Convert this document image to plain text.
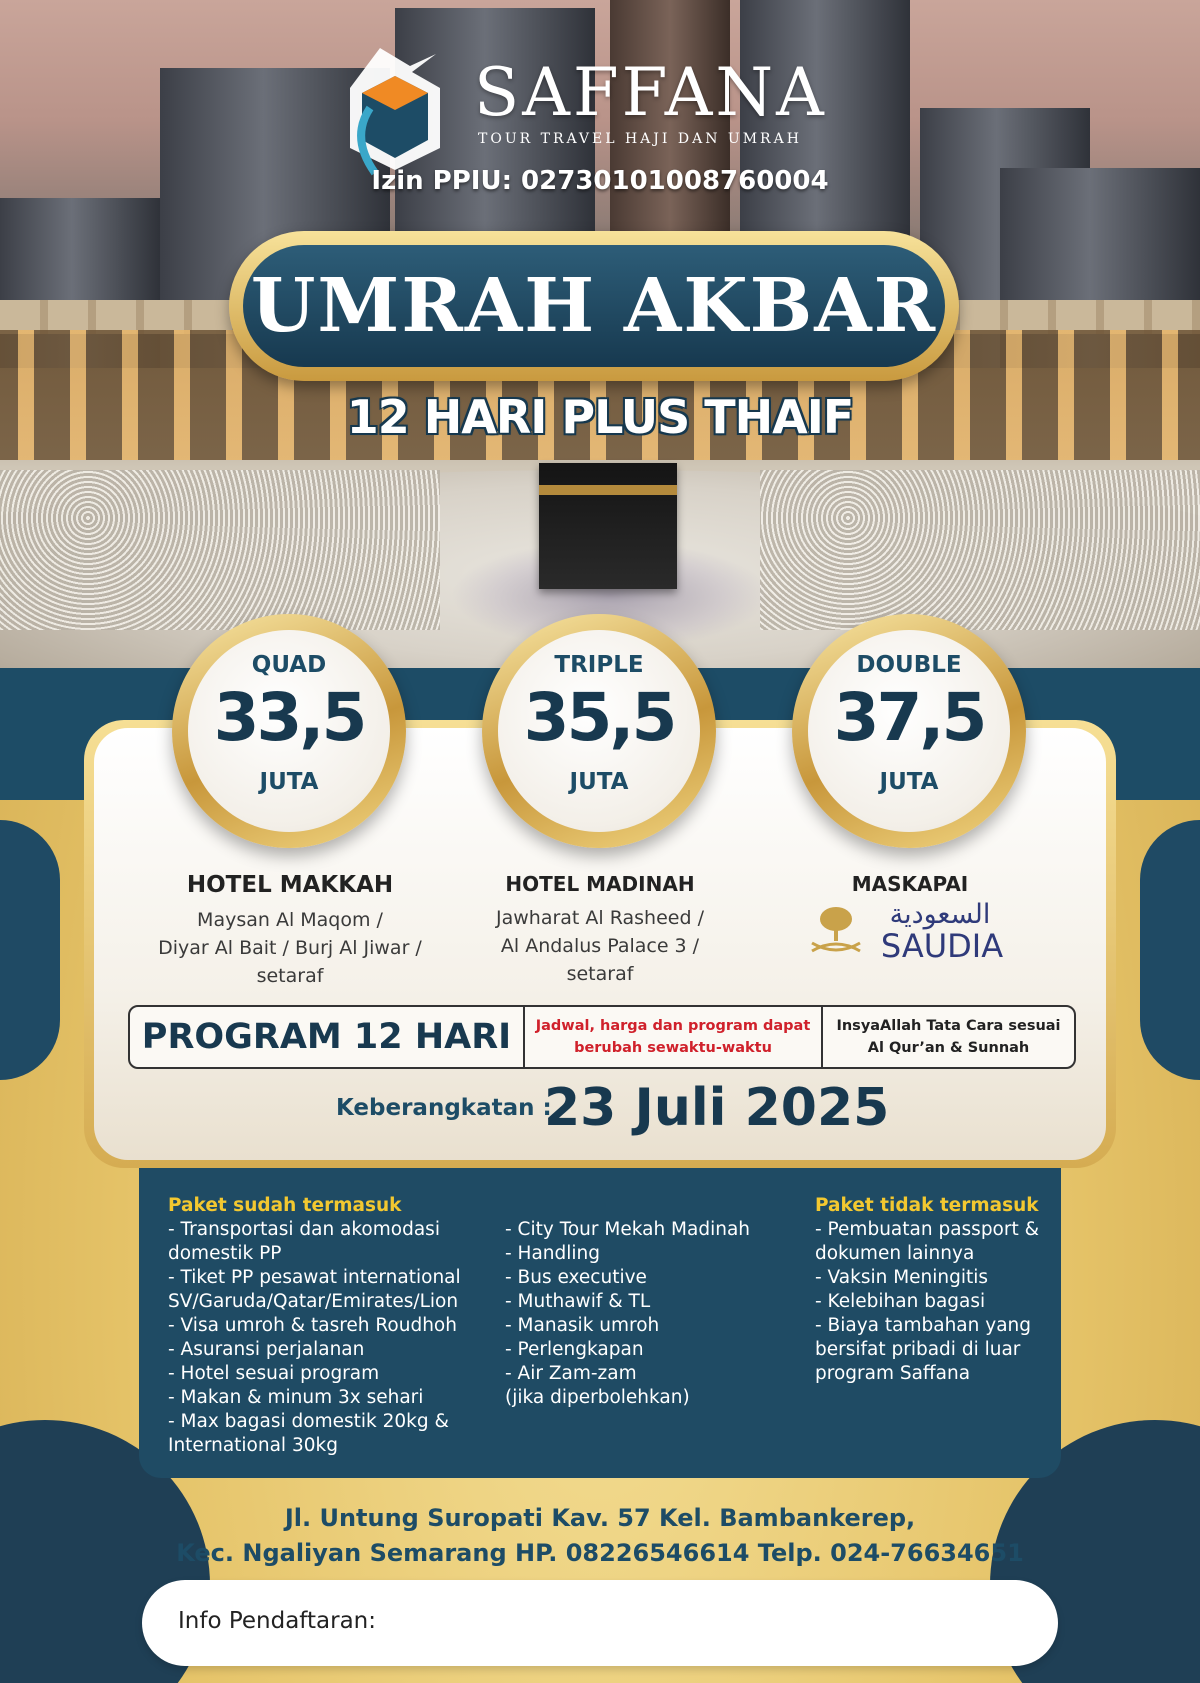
SAFFANA
TOUR TRAVEL HAJI DAN UMRAH
Izin PPIU: 02730101008760004
UMRAH AKBAR
12 HARI PLUS THAIF
QUAD
33,5
JUTA
TRIPLE
35,5
JUTA
DOUBLE
37,5
JUTA
HOTEL MAKKAH
Maysan Al Maqom /
Diyar Al Bait / Burj Al Jiwar /
setaraf
HOTEL MADINAH
Jawharat Al Rasheed /
Al Andalus Palace 3 /
setaraf
MASKAPAI
السعودية
SAUDIA
PROGRAM 12 HARI	Jadwal, harga dan program dapat
berubah sewaktu-waktu
InsyaAllah Tata Cara sesuai
Al Qur’an & Sunnah
Keberangkatan :
23 Juli 2025
Paket sudah termasuk
- Transportasi dan akomodasi
domestik PP
- Tiket PP pesawat international
SV/Garuda/Qatar/Emirates/Lion
- Visa umroh & tasreh Roudhoh
- Asuransi perjalanan
- Hotel sesuai program
- Makan & minum 3x sehari
- Max bagasi domestik 20kg &
International 30kg
- City Tour Mekah Madinah
- Handling
- Bus executive
- Muthawif & TL
- Manasik umroh
- Perlengkapan
- Air Zam-zam
(jika diperbolehkan)
Paket tidak termasuk
- Pembuatan passport &
dokumen lainnya
- Vaksin Meningitis
- Kelebihan bagasi
- Biaya tambahan yang
bersifat pribadi di luar
program Saffana
Jl. Untung Suropati Kav. 57 Kel. Bambankerep,
Kec. Ngaliyan Semarang HP. 08226546614 Telp. 024-76634651
Info Pendaftaran:
